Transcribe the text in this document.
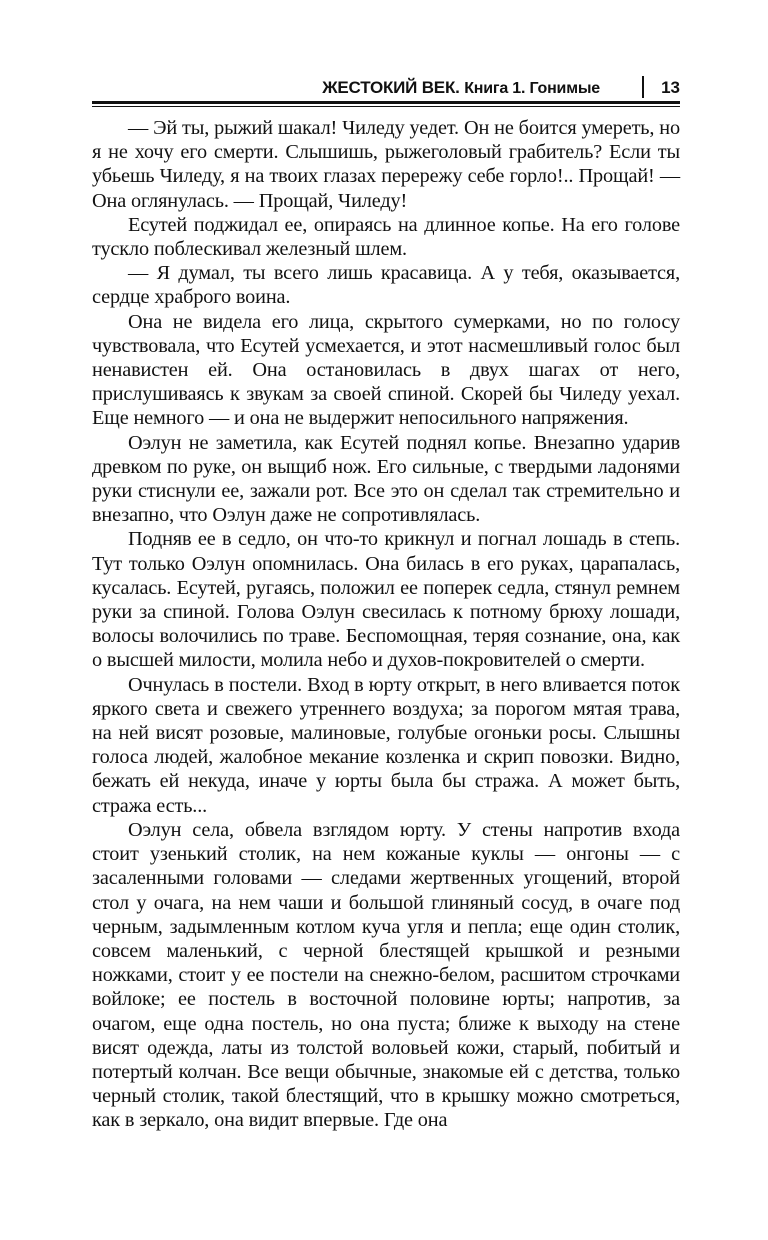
ЖЕСТОКИЙ ВЕК. Книга 1. Гонимые	13

— Эй ты, рыжий шакал! Чиледу уедет. Он не боится умереть, но я не хочу его смерти. Слышишь, рыжеголовый грабитель? Если ты убьешь Чиледу, я на твоих глазах перережу себе горло!.. Прощай! — Она оглянулась. — Прощай, Чиледу!

Есутей поджидал ее, опираясь на длинное копье. На его голове тускло поблескивал железный шлем.

— Я думал, ты всего лишь красавица. А у тебя, оказывается, сердце храброго воина.

Она не видела его лица, скрытого сумерками, но по голосу чувствовала, что Есутей усмехается, и этот насмешливый голос был ненавистен ей. Она остановилась в двух шагах от него, прислушиваясь к звукам за своей спиной. Скорей бы Чиледу уехал. Еще немного — и она не выдержит непосильного напряжения.

Оэлун не заметила, как Есутей поднял копье. Внезапно ударив древком по руке, он выщиб нож. Его сильные, с твердыми ладонями руки стиснули ее, зажали рот. Все это он сделал так стремительно и внезапно, что Оэлун даже не сопротивлялась.

Подняв ее в седло, он что-то крикнул и погнал лошадь в степь. Тут только Оэлун опомнилась. Она билась в его руках, царапалась, кусалась. Есутей, ругаясь, положил ее поперек седла, стянул ремнем руки за спиной. Голова Оэлун свесилась к потному брюху лошади, волосы волочились по траве. Беспомощная, теряя сознание, она, как о высшей милости, молила небо и духов-покровителей о смерти.

Очнулась в постели. Вход в юрту открыт, в него вливается поток яркого света и свежего утреннего воздуха; за порогом мятая трава, на ней висят розовые, малиновые, голубые огоньки росы. Слышны голоса людей, жалобное мекание козленка и скрип повозки. Видно, бежать ей некуда, иначе у юрты была бы стража. А может быть, стража есть...

Оэлун села, обвела взглядом юрту. У стены напротив входа стоит узенький столик, на нем кожаные куклы — онгоны — с засаленными головами — следами жертвенных угощений, второй стол у очага, на нем чаши и большой глиняный сосуд, в очаге под черным, задымленным котлом куча угля и пепла; еще один столик, совсем маленький, с черной блестящей крышкой и резными ножками, стоит у ее постели на снежно-белом, расшитом строчками войлоке; ее постель в восточной половине юрты; напротив, за очагом, еще одна постель, но она пуста; ближе к выходу на стене висят одежда, латы из толстой воловьей кожи, старый, побитый и потертый колчан. Все вещи обычные, знакомые ей с детства, только черный столик, такой блестящий, что в крышку можно смотреться, как в зеркало, она видит впервые. Где она
